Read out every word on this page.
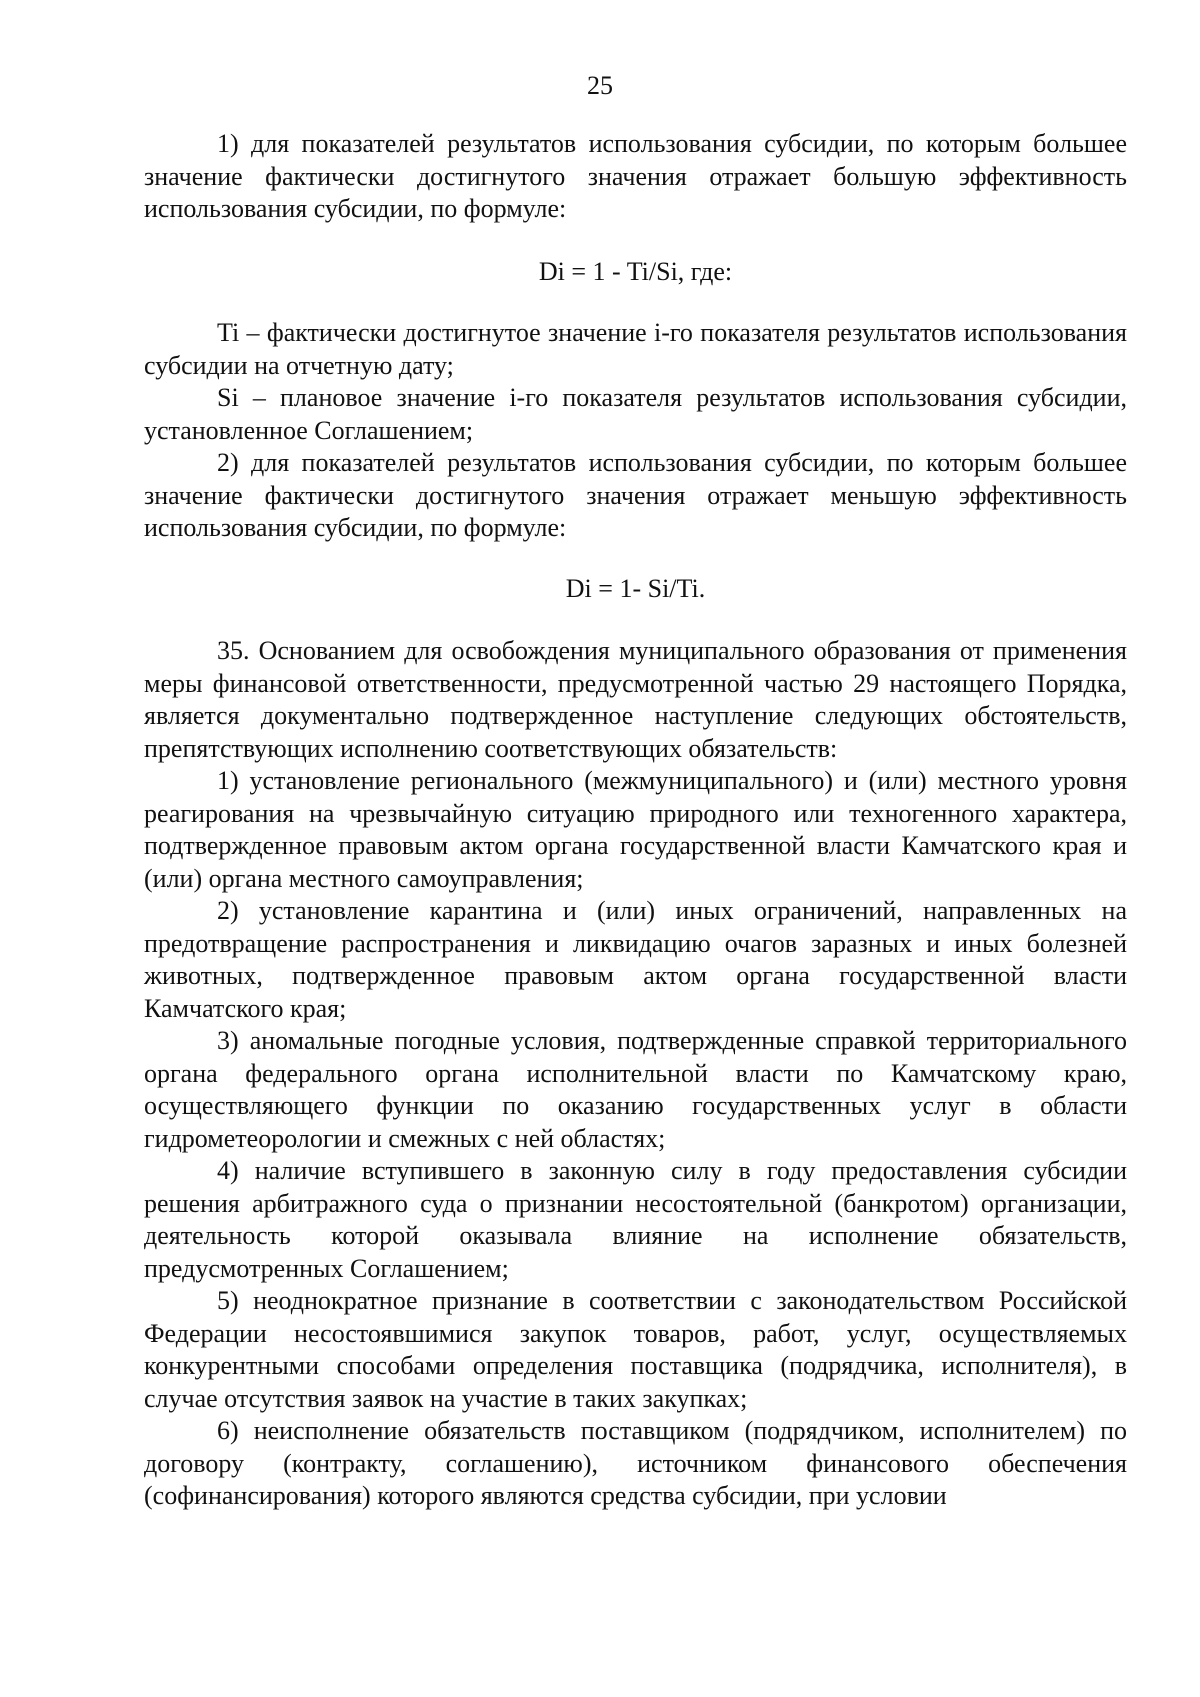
25

1) для показателей результатов использования субсидии, по которым большее значение фактически достигнутого значения отражает большую эффективность использования субсидии, по формуле:

Di = 1 - Ti/Si, где:

Ti – фактически достигнутое значение i-го показателя результатов использования субсидии на отчетную дату;

Si – плановое значение i-го показателя результатов использования субсидии, установленное Соглашением;

2) для показателей результатов использования субсидии, по которым большее значение фактически достигнутого значения отражает меньшую эффективность использования субсидии, по формуле:

Di = 1- Si/Ti.

35. Основанием для освобождения муниципального образования от применения меры финансовой ответственности, предусмотренной частью 29 настоящего Порядка, является документально подтвержденное наступление следующих обстоятельств, препятствующих исполнению соответствующих обязательств:

1) установление регионального (межмуниципального) и (или) местного уровня реагирования на чрезвычайную ситуацию природного или техногенного характера, подтвержденное правовым актом органа государственной власти Камчатского края и (или) органа местного самоуправления;

2) установление карантина и (или) иных ограничений, направленных на предотвращение распространения и ликвидацию очагов заразных и иных болезней животных, подтвержденное правовым актом органа государственной власти Камчатского края;

3) аномальные погодные условия, подтвержденные справкой территориального органа федерального органа исполнительной власти по Камчатскому краю, осуществляющего функции по оказанию государственных услуг в области гидрометеорологии и смежных с ней областях;

4) наличие вступившего в законную силу в году предоставления субсидии решения арбитражного суда о признании несостоятельной (банкротом) организации, деятельность которой оказывала влияние на исполнение обязательств, предусмотренных Соглашением;

5) неоднократное признание в соответствии с законодательством Российской Федерации несостоявшимися закупок товаров, работ, услуг, осуществляемых конкурентными способами определения поставщика (подрядчика, исполнителя), в случае отсутствия заявок на участие в таких закупках;

6) неисполнение обязательств поставщиком (подрядчиком, исполнителем) по договору (контракту, соглашению), источником финансового обеспечения (софинансирования) которого являются средства субсидии, при условии
